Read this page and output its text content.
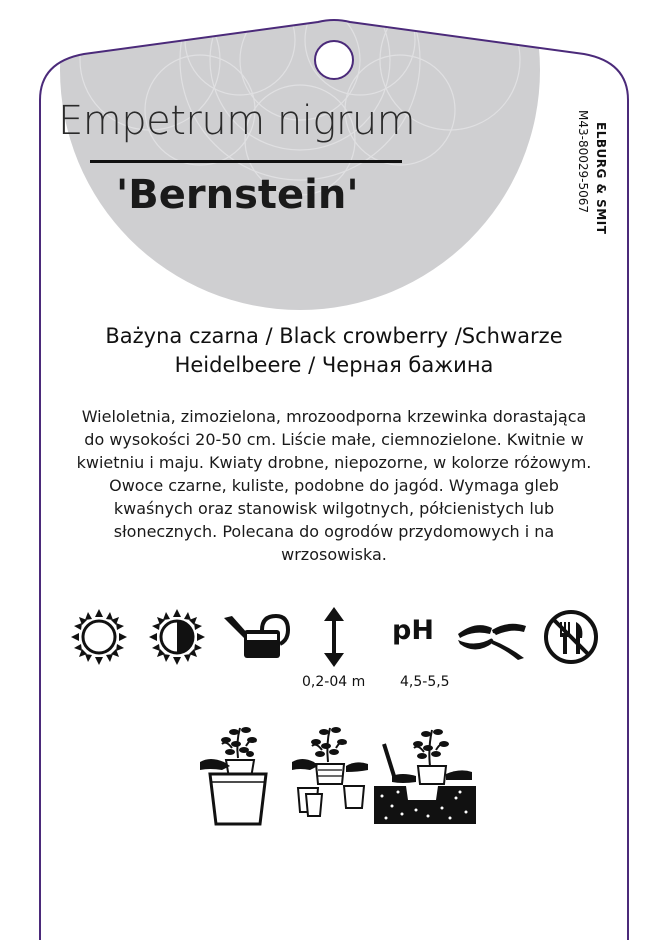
Empetrum nigrum
'Bernstein'	ELBURG & SMIT
M43-80029-5067
Bażyna czarna / Black crowberry /Schwarze Heidelbeere / Черная бажина
Wieloletnia, zimozielona, mrozoodporna krzewinka dorastająca do wysokości 20-50 cm. Liście małe, ciemnozielone. Kwitnie w kwietniu i maju. Kwiaty drobne, niepozorne, w kolorze różowym. Owoce czarne, kuliste, podobne do jagód. Wymaga gleb kwaśnych oraz stanowisk wilgotnych, półcienistych lub słonecznych. Polecana do ogrodów przydomowych i na wrzosowiska.
pH
0,2-04 m 4,5-5,5
